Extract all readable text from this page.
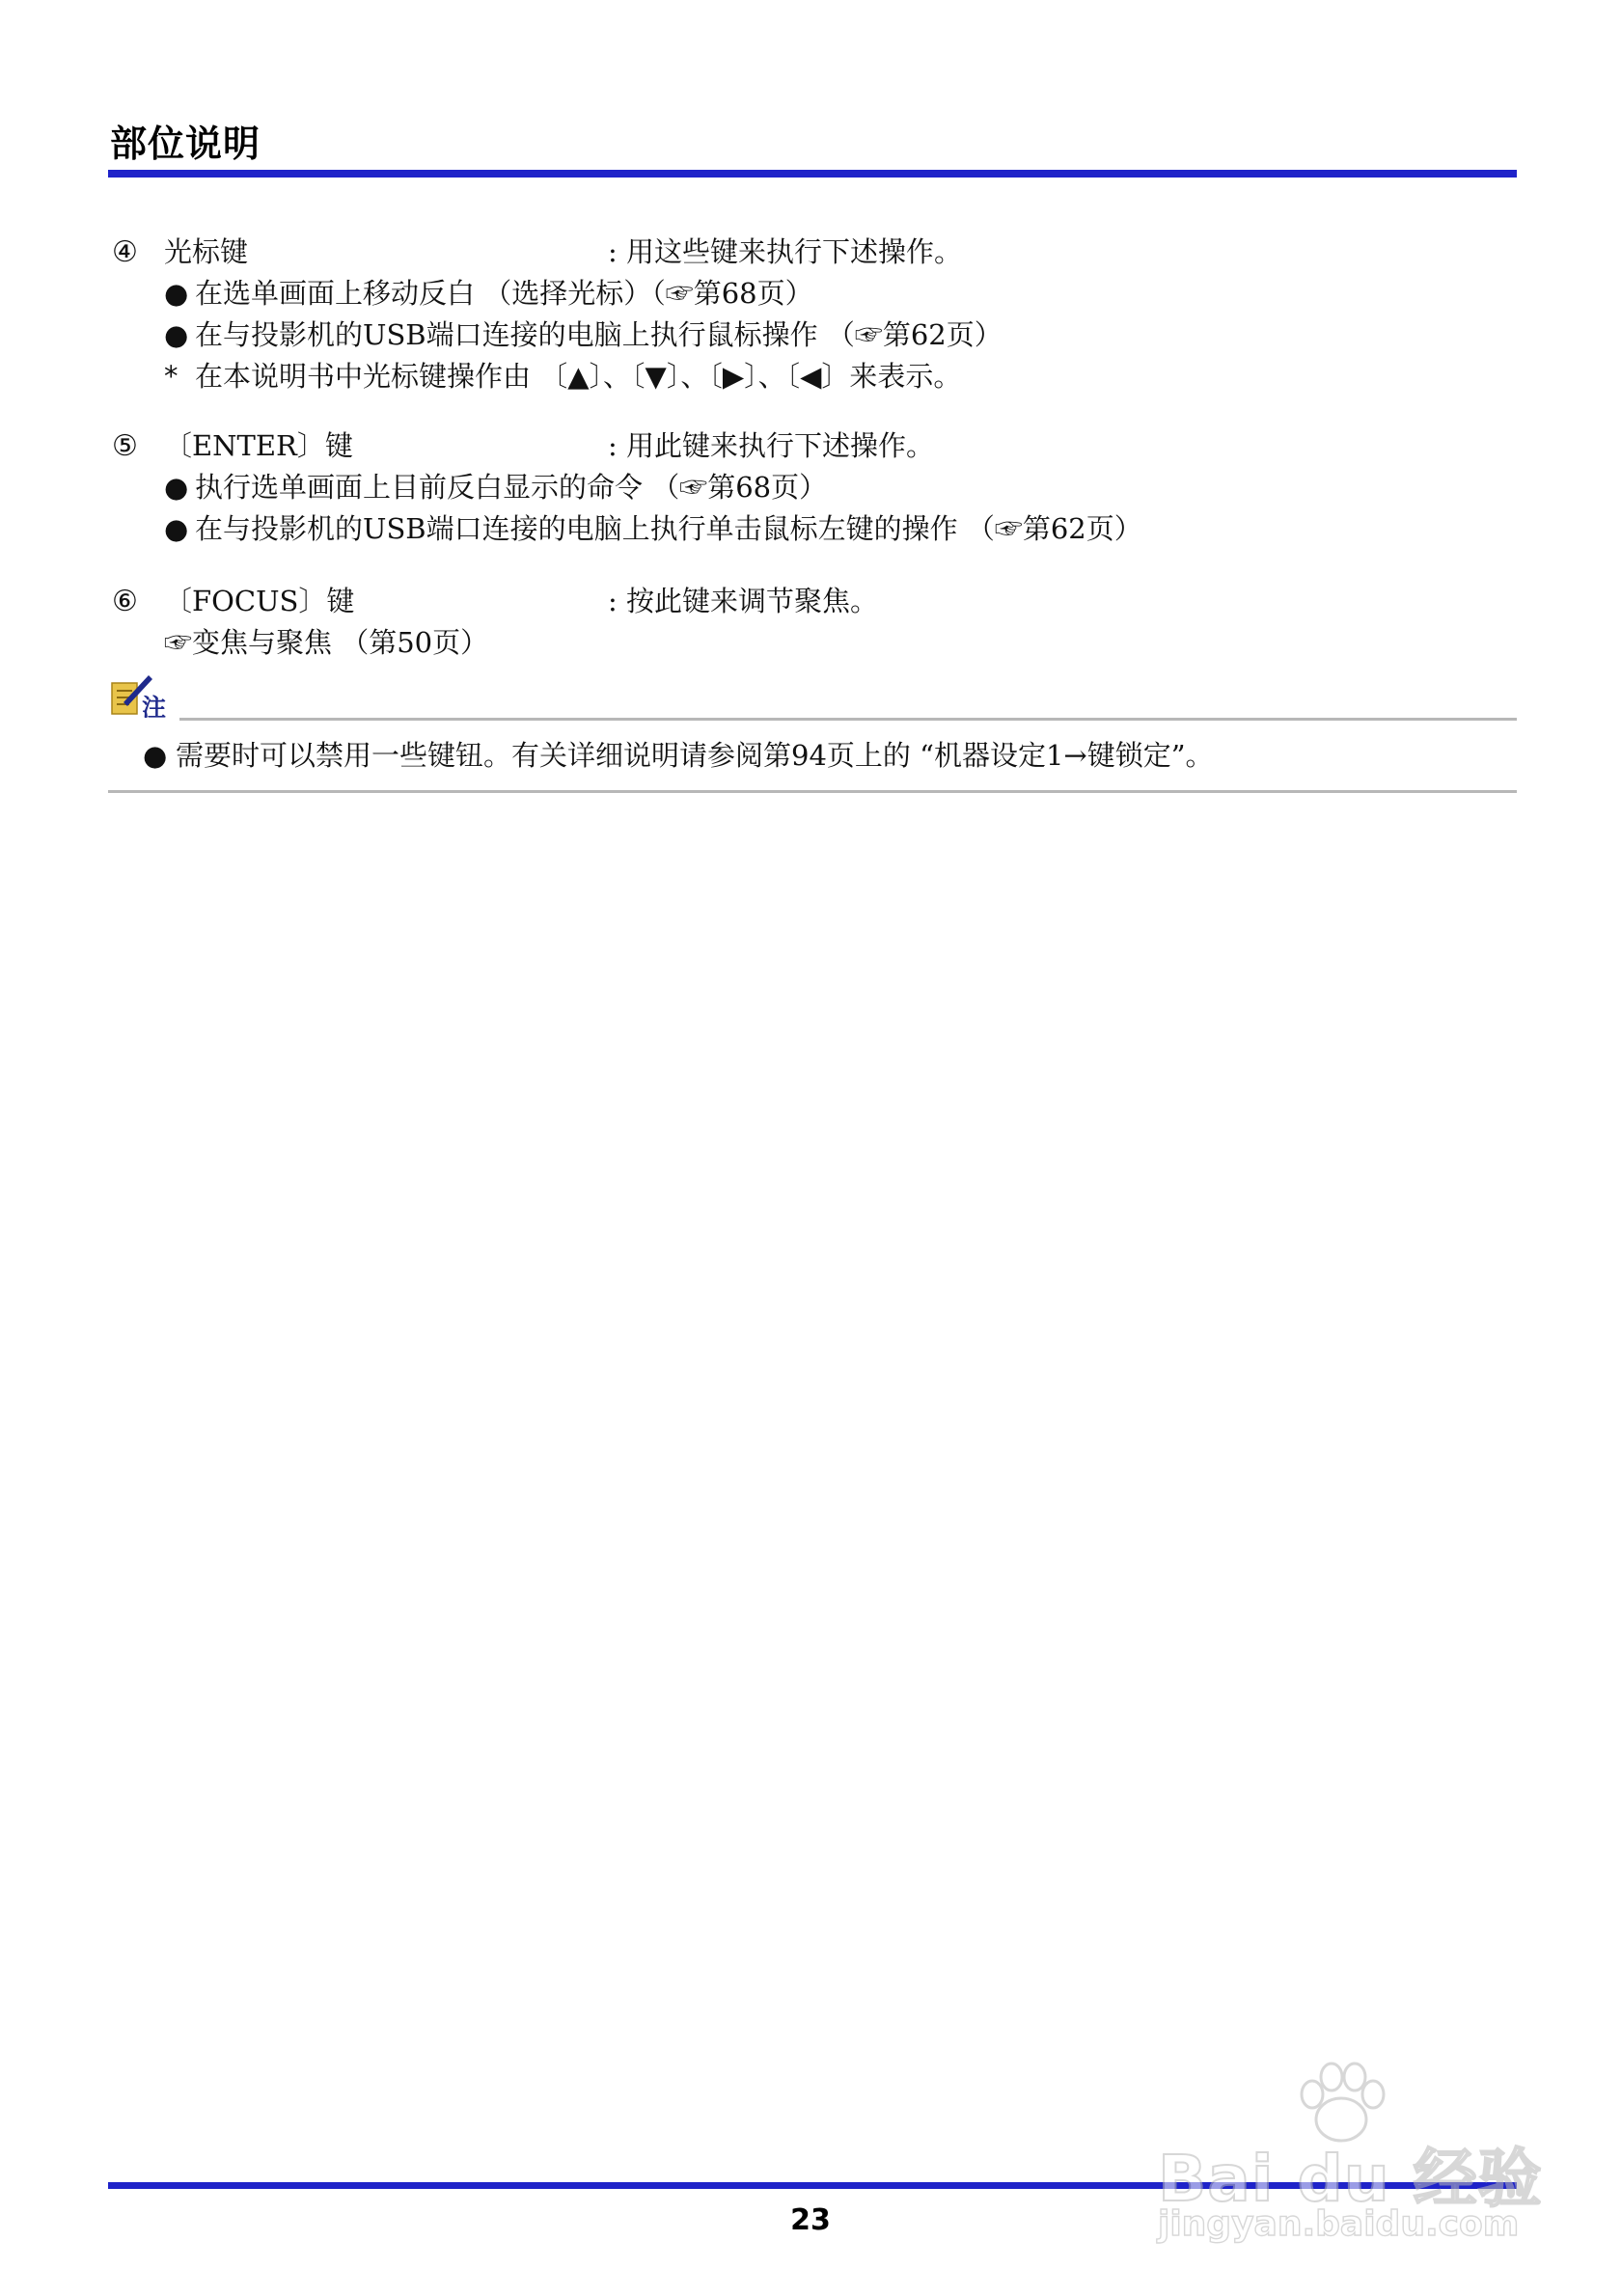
部位说明
④ 光标键	: 用这些键来执行下述操作。
● 在选单画面上移动反白 （选择光标）（☞第68页）
● 在与投影机的USB端口连接的电脑上执行鼠标操作 （☞第62页）
* 在本说明书中光标键操作由 〔▲〕、〔▼〕、〔▶〕、〔◀〕来表示。
⑤ 〔ENTER〕键	: 用此键来执行下述操作。
● 执行选单画面上目前反白显示的命令 （☞第68页）
● 在与投影机的USB端口连接的电脑上执行单击鼠标左键的操作 （☞第62页）
⑥ 〔FOCUS〕键	: 按此键来调节聚焦。
☞变焦与聚焦 （第50页）
注
● 需要时可以禁用一些键钮。有关详细说明请参阅第94页上的 “机器设定1→键锁定”。
23
Bai du 经验
jingyan.baidu.com
